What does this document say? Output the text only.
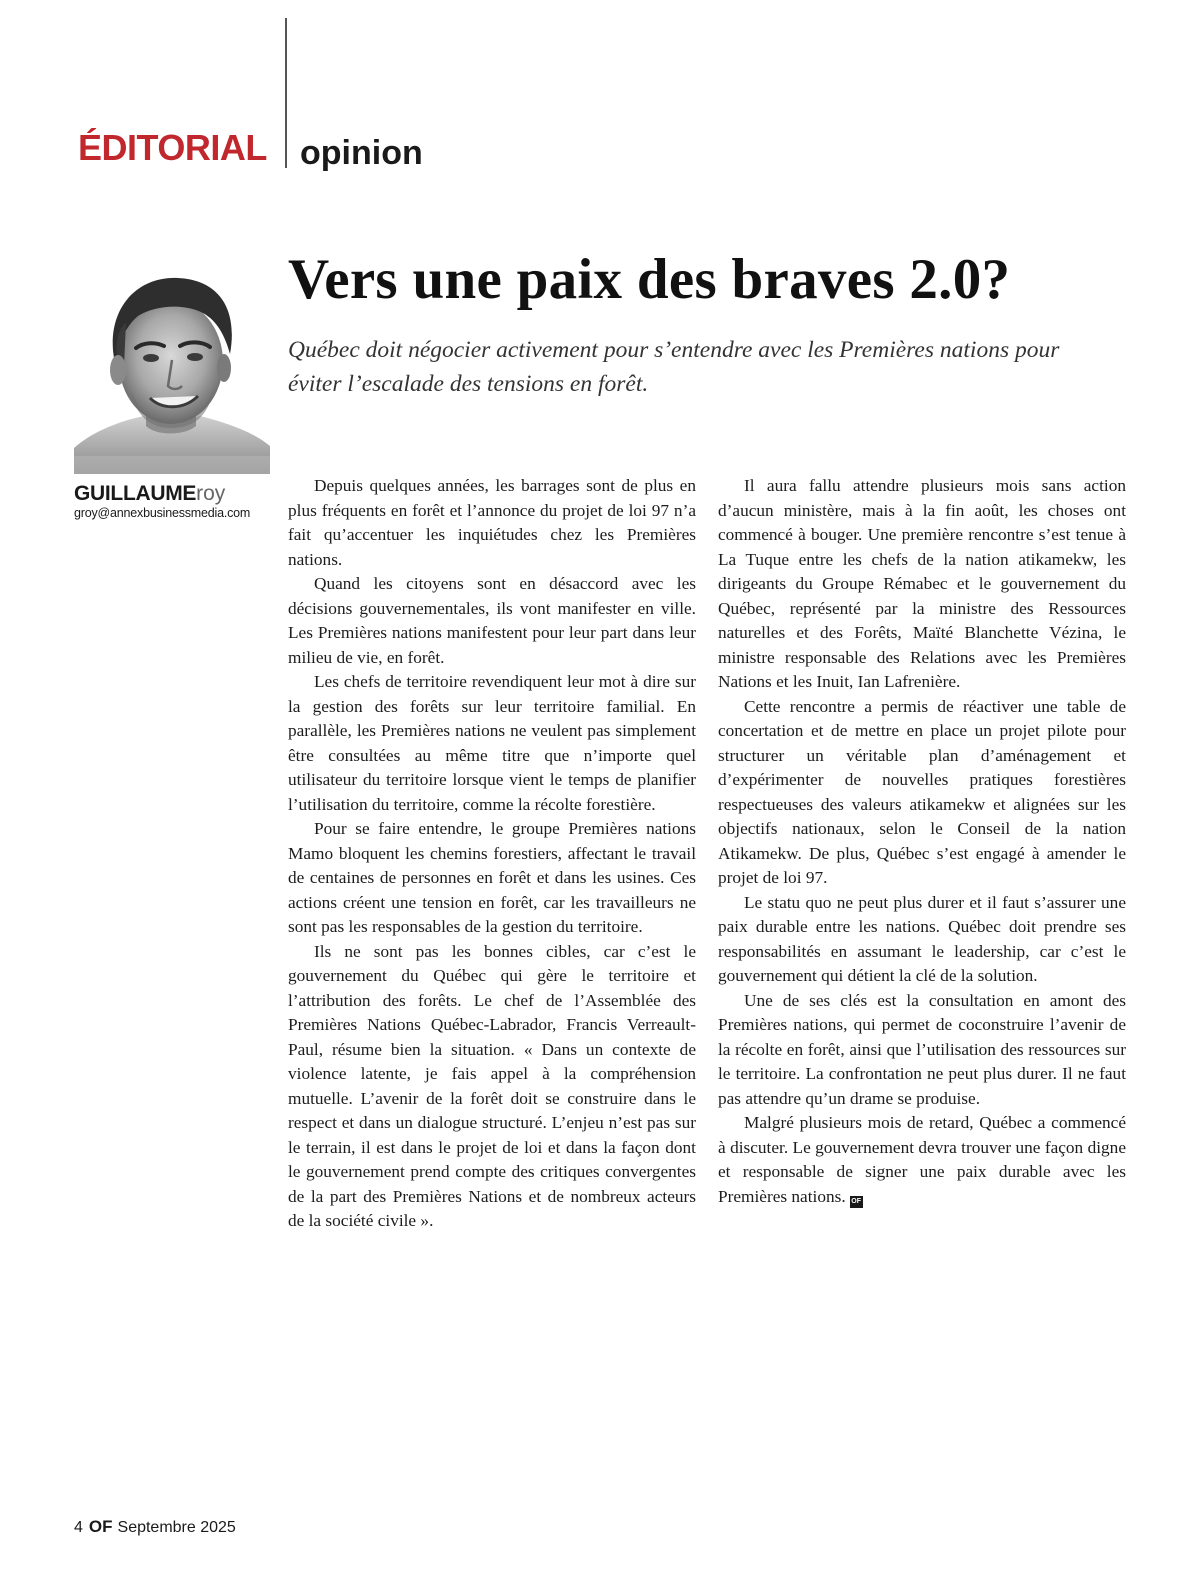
ÉDITORIAL opinion
Vers une paix des braves 2.0?

Québec doit négocier activement pour s’entendre avec les Premières nations pour éviter l’escalade des tensions en forêt.

GUILLAUMEroy
groy@annexbusinessmedia.com

Depuis quelques années, les barrages sont de plus en plus fréquents en forêt et l’annonce du projet de loi 97 n’a fait qu’accentuer les inquiétudes chez les Premières nations.

Quand les citoyens sont en désaccord avec les décisions gouvernementales, ils vont manifester en ville. Les Premières nations manifestent pour leur part dans leur milieu de vie, en forêt.

Les chefs de territoire revendiquent leur mot à dire sur la gestion des forêts sur leur territoire familial. En parallèle, les Premières nations ne veulent pas simplement être consultées au même titre que n’importe quel utilisateur du territoire lorsque vient le temps de planifier l’utilisation du territoire, comme la récolte forestière.

Pour se faire entendre, le groupe Premières nations Mamo bloquent les chemins forestiers, affectant le travail de centaines de personnes en forêt et dans les usines. Ces actions créent une tension en forêt, car les travailleurs ne sont pas les responsables de la gestion du territoire.

Ils ne sont pas les bonnes cibles, car c’est le gouvernement du Québec qui gère le territoire et l’attribution des forêts. Le chef de l’Assemblée des Premières Nations Québec-Labrador, Francis Verreault-Paul, résume bien la situation. « Dans un contexte de violence latente, je fais appel à la compréhension mutuelle. L’avenir de la forêt doit se construire dans le respect et dans un dialogue structuré. L’enjeu n’est pas sur le terrain, il est dans le projet de loi et dans la façon dont le gouvernement prend compte des critiques convergentes de la part des Premières Nations et de nombreux acteurs de la société civile ».

Il aura fallu attendre plusieurs mois sans action d’aucun ministère, mais à la fin août, les choses ont commencé à bouger. Une première rencontre s’est tenue à La Tuque entre les chefs de la nation atikamekw, les dirigeants du Groupe Rémabec et le gouvernement du Québec, représenté par la ministre des Ressources naturelles et des Forêts, Maïté Blanchette Vézina, le ministre responsable des Relations avec les Premières Nations et les Inuit, Ian Lafrenière.

Cette rencontre a permis de réactiver une table de concertation et de mettre en place un projet pilote pour structurer un véritable plan d’aménagement et d’expérimenter de nouvelles pratiques forestières respectueuses des valeurs atikamekw et alignées sur les objectifs nationaux, selon le Conseil de la nation Atikamekw. De plus, Québec s’est engagé à amender le projet de loi 97.

Le statu quo ne peut plus durer et il faut s’assurer une paix durable entre les nations. Québec doit prendre ses responsabilités en assumant le leadership, car c’est le gouvernement qui détient la clé de la solution.

Une de ses clés est la consultation en amont des Premières nations, qui permet de coconstruire l’avenir de la récolte en forêt, ainsi que l’utilisation des ressources sur le territoire. La confrontation ne peut plus durer. Il ne faut pas attendre qu’un drame se produise.

Malgré plusieurs mois de retard, Québec a commencé à discuter. Le gouvernement devra trouver une façon digne et responsable de signer une paix durable avec les Premières nations. OF

4 OF Septembre 2025
